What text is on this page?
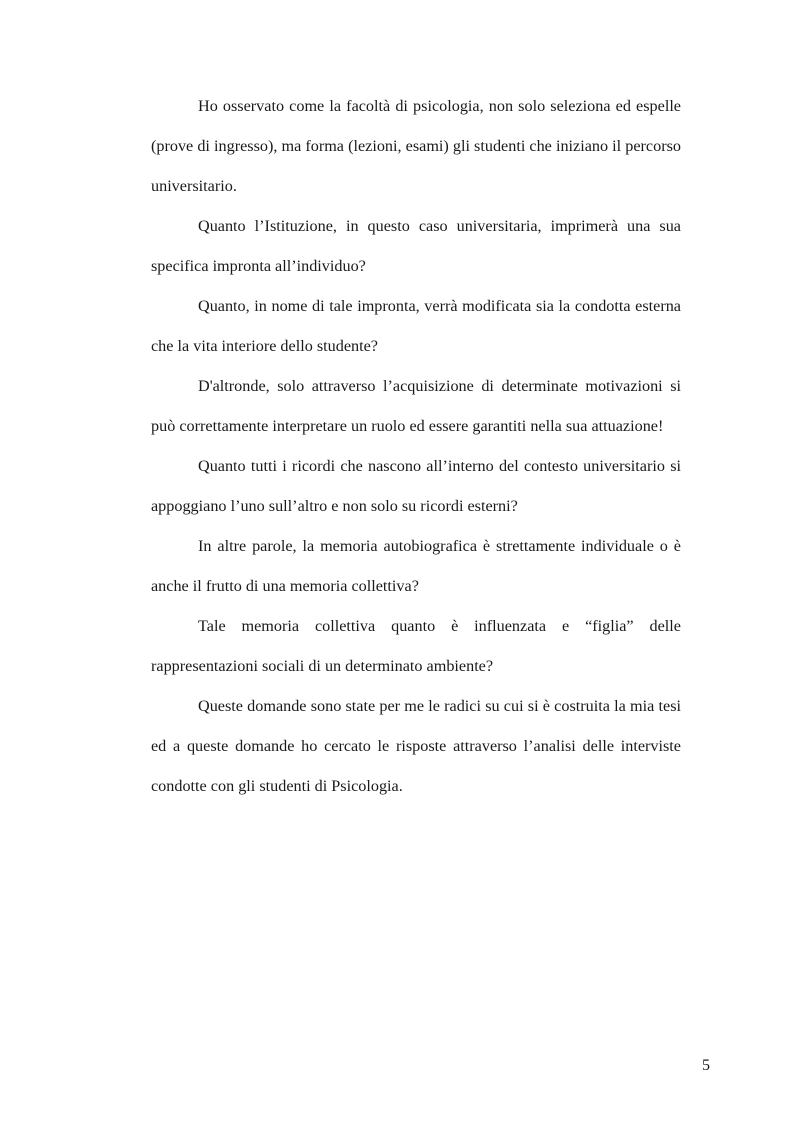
Ho osservato come la facoltà di psicologia, non solo seleziona ed espelle (prove di ingresso), ma forma (lezioni, esami) gli studenti che iniziano il percorso universitario.

Quanto l’Istituzione, in questo caso universitaria, imprimerà una sua specifica impronta all’individuo?

Quanto, in nome di tale impronta, verrà modificata sia la condotta esterna che la vita interiore dello studente?

D'altronde, solo attraverso l’acquisizione di determinate motivazioni si può correttamente interpretare un ruolo ed essere garantiti nella sua attuazione!

Quanto tutti i ricordi che nascono all’interno del contesto universitario si appoggiano l’uno sull’altro e non solo su ricordi esterni?

In altre parole, la memoria autobiografica è strettamente individuale o è anche il frutto di una memoria collettiva?

Tale memoria collettiva quanto è influenzata e “figlia” delle rappresentazioni sociali di un determinato ambiente?

Queste domande sono state per me le radici su cui si è costruita la mia tesi ed a queste domande ho cercato le risposte attraverso l’analisi delle interviste condotte con gli studenti di Psicologia.

5
